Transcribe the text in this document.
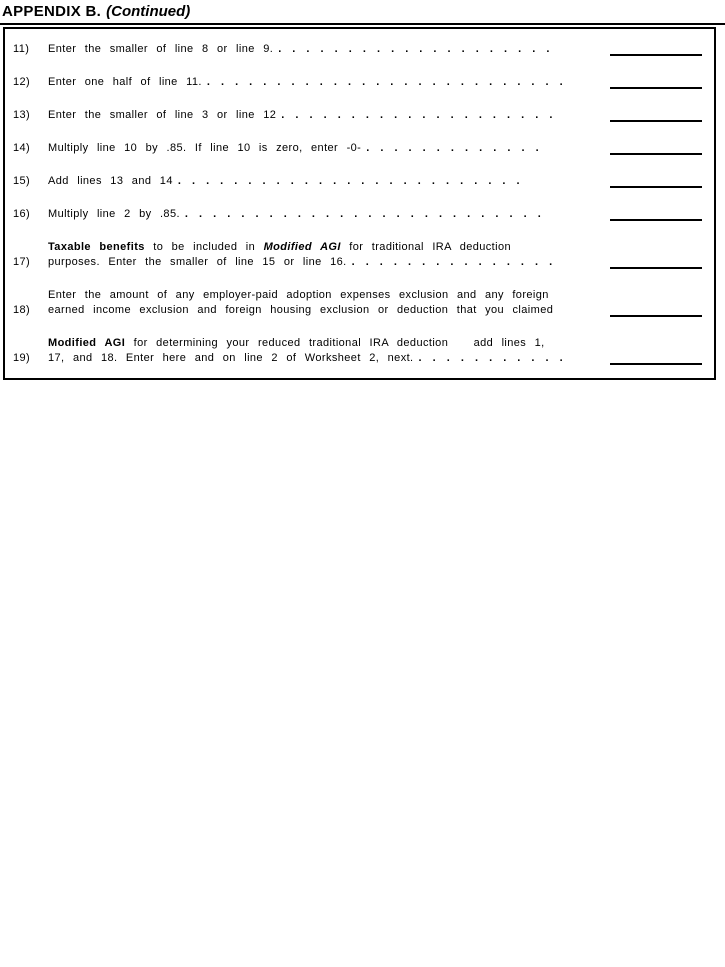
APPENDIX B. (Continued)
11)	Enter the smaller of line 8 or line 9. . . . . . . . . . . . . . . . . . . . .
12)	Enter one half of line 11. . . . . . . . . . . . . . . . . . . . . . . . . . .
13)	Enter the smaller of line 3 or line 12 . . . . . . . . . . . . . . . . . . . .
14)	Multiply line 10 by .85. If line 10 is zero, enter -0- . . . . . . . . . . . . .
15)	Add lines 13 and 14 . . . . . . . . . . . . . . . . . . . . . . . . .
16)	Multiply line 2 by .85. . . . . . . . . . . . . . . . . . . . . . . . . . .
17)
Taxable benefits to be included in Modified AGI for traditional IRA deduction
purposes. Enter the smaller of line 15 or line 16. . . . . . . . . . . . . . . .
18)
Enter the amount of any employer-paid adoption expenses exclusion and any foreign
earned income exclusion and foreign housing exclusion or deduction that you claimed
19)
Modified AGI for determining your reduced traditional IRA deduction   add lines 1,
17, and 18. Enter here and on line 2 of Worksheet 2, next. . . . . . . . . . . .
